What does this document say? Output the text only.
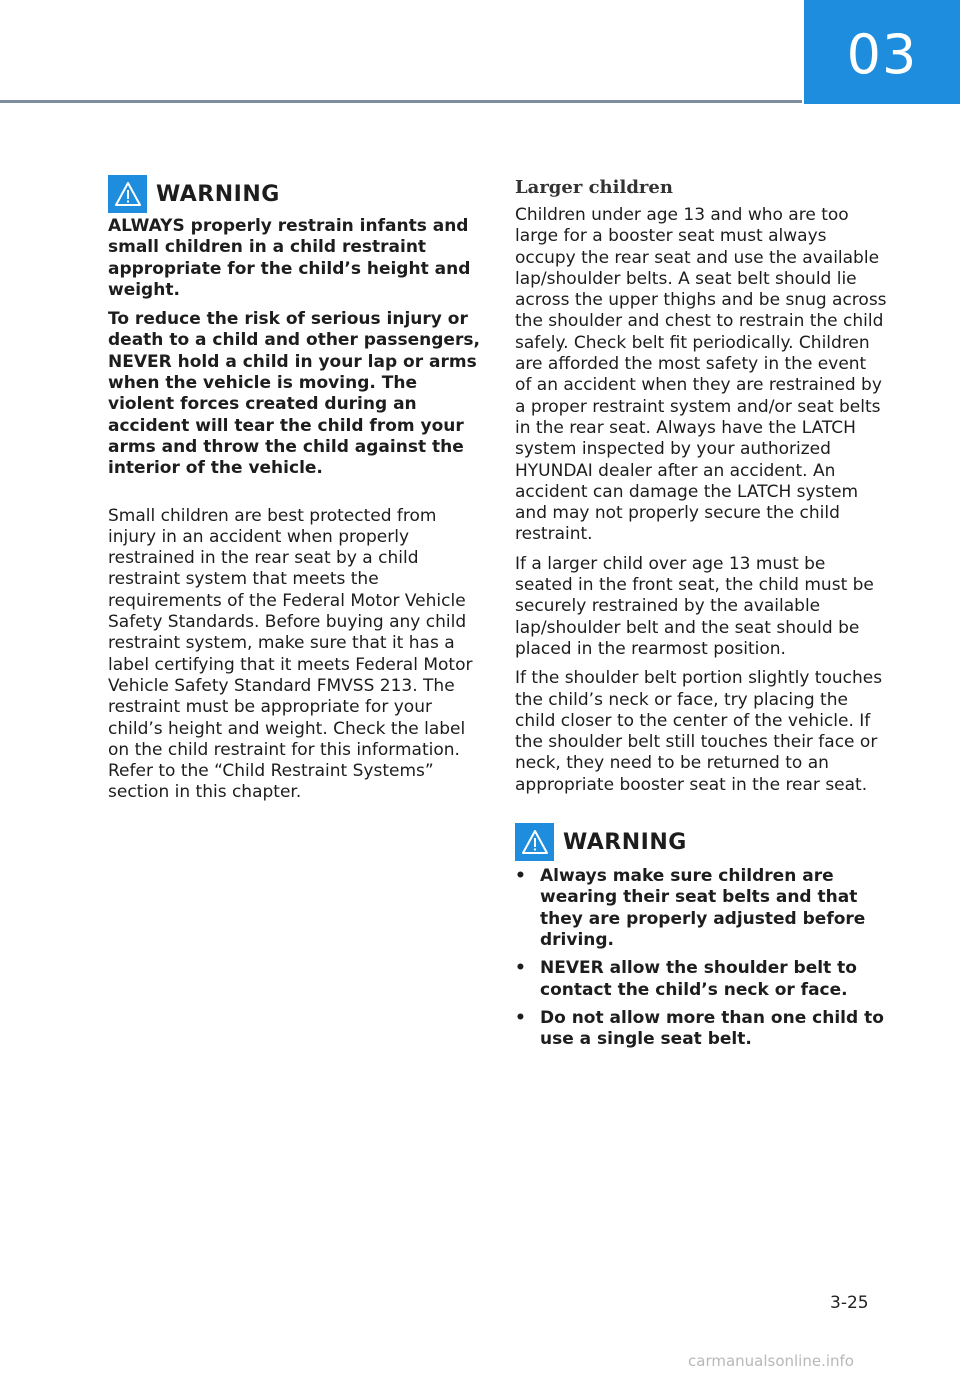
03
WARNING

ALWAYS properly restrain infants and small children in a child restraint appropriate for the child’s height and weight.

To reduce the risk of serious injury or death to a child and other passengers, NEVER hold a child in your lap or arms when the vehicle is moving. The violent forces created during an accident will tear the child from your arms and throw the child against the interior of the vehicle.

Small children are best protected from injury in an accident when properly restrained in the rear seat by a child restraint system that meets the requirements of the Federal Motor Vehicle Safety Standards. Before buying any child restraint system, make sure that it has a label certifying that it meets Federal Motor Vehicle Safety Standard FMVSS 213. The restraint must be appropriate for your child’s height and weight. Check the label on the child restraint for this information. Refer to the “Child Restraint Systems” section in this chapter.

Larger children

Children under age 13 and who are too large for a booster seat must always occupy the rear seat and use the available lap/shoulder belts. A seat belt should lie across the upper thighs and be snug across the shoulder and chest to restrain the child safely. Check belt fit periodically. Children are afforded the most safety in the event of an accident when they are restrained by a proper restraint system and/or seat belts in the rear seat. Always have the LATCH system inspected by your authorized HYUNDAI dealer after an accident. An accident can damage the LATCH system and may not properly secure the child restraint.

If a larger child over age 13 must be seated in the front seat, the child must be securely restrained by the available lap/shoulder belt and the seat should be placed in the rearmost position.

If the shoulder belt portion slightly touches the child’s neck or face, try placing the child closer to the center of the vehicle. If the shoulder belt still touches their face or neck, they need to be returned to an appropriate booster seat in the rear seat.

WARNING
• Always make sure children are wearing their seat belts and that they are properly adjusted before driving.
• NEVER allow the shoulder belt to contact the child’s neck or face.
• Do not allow more than one child to use a single seat belt.
3-25
carmanualsonline.info
